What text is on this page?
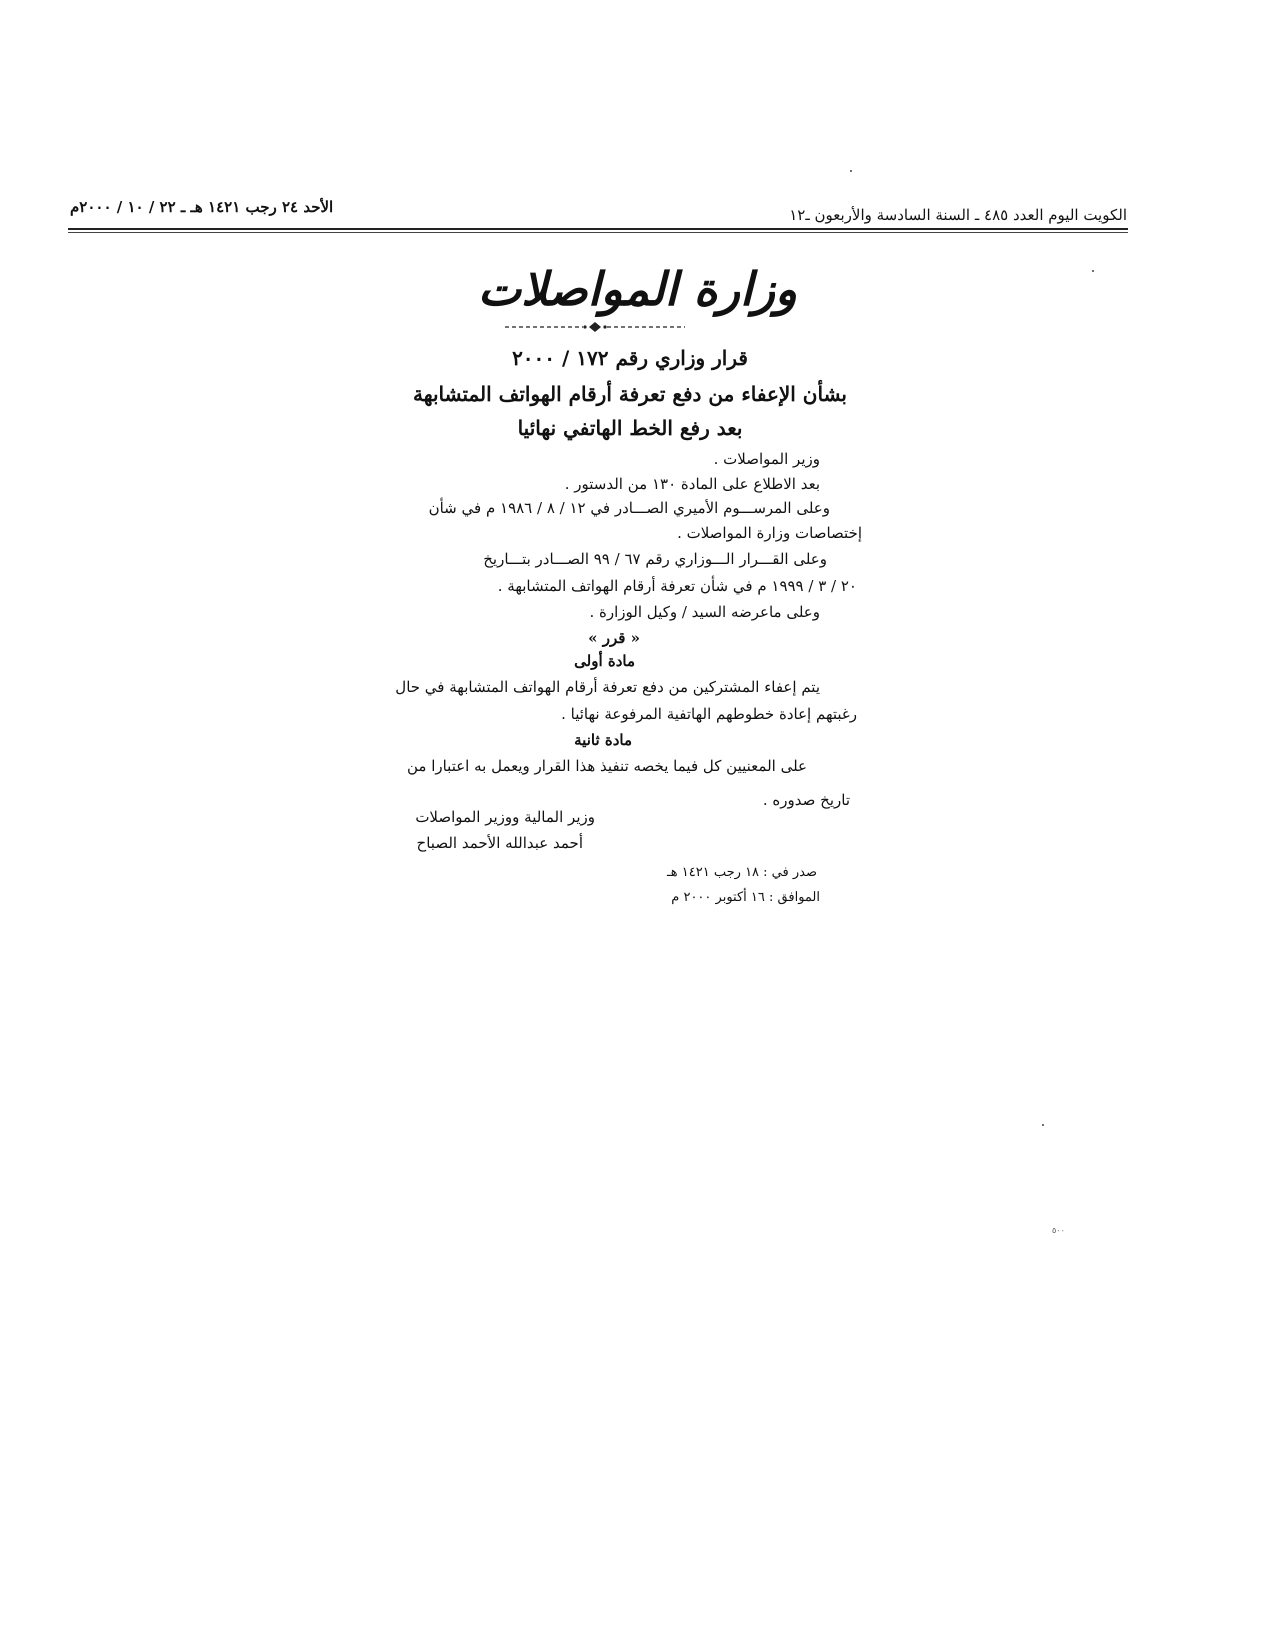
الكويت اليوم العدد ٤٨٥ ـ السنة السادسة والأربعون ـ١٢
الأحد ٢٤ رجب ١٤٢١ هـ ـ ٢٢ / ١٠ / ٢٠٠٠م
وزارة المواصلات
قرار وزاري رقم ١٧٢ / ٢٠٠٠
بشأن الإعفاء من دفع تعرفة أرقام الهواتف المتشابهة
بعد رفع الخط الهاتفي نهائيا
وزير المواصلات .
بعد الاطلاع على المادة ١٣٠ من الدستور .
وعلى المرســـوم الأميري الصـــادر في ١٢ / ٨ / ١٩٨٦ م في شأن
إختصاصات وزارة المواصلات .
وعلى القـــرار الـــوزاري رقم ٦٧ / ٩٩ الصـــادر بتـــاريخ
٢٠ / ٣ / ١٩٩٩ م في شأن تعرفة أرقام الهواتف المتشابهة .
وعلى ماعرضه السيد / وكيل الوزارة .
« قرر »
مادة أولى
يتم إعفاء المشتركين من دفع تعرفة أرقام الهواتف المتشابهة في حال
رغبتهم إعادة خطوطهم الهاتفية المرفوعة نهائيا .
مادة ثانية
على المعنيين كل فيما يخصه تنفيذ هذا القرار ويعمل به اعتبارا من
تاريخ صدوره .
وزير المالية ووزير المواصلات
أحمد عبدالله الأحمد الصباح
صدر في : ١٨ رجب ١٤٢١ هـ
الموافق : ١٦ أكتوبر ٢٠٠٠ م
٥٠٠
